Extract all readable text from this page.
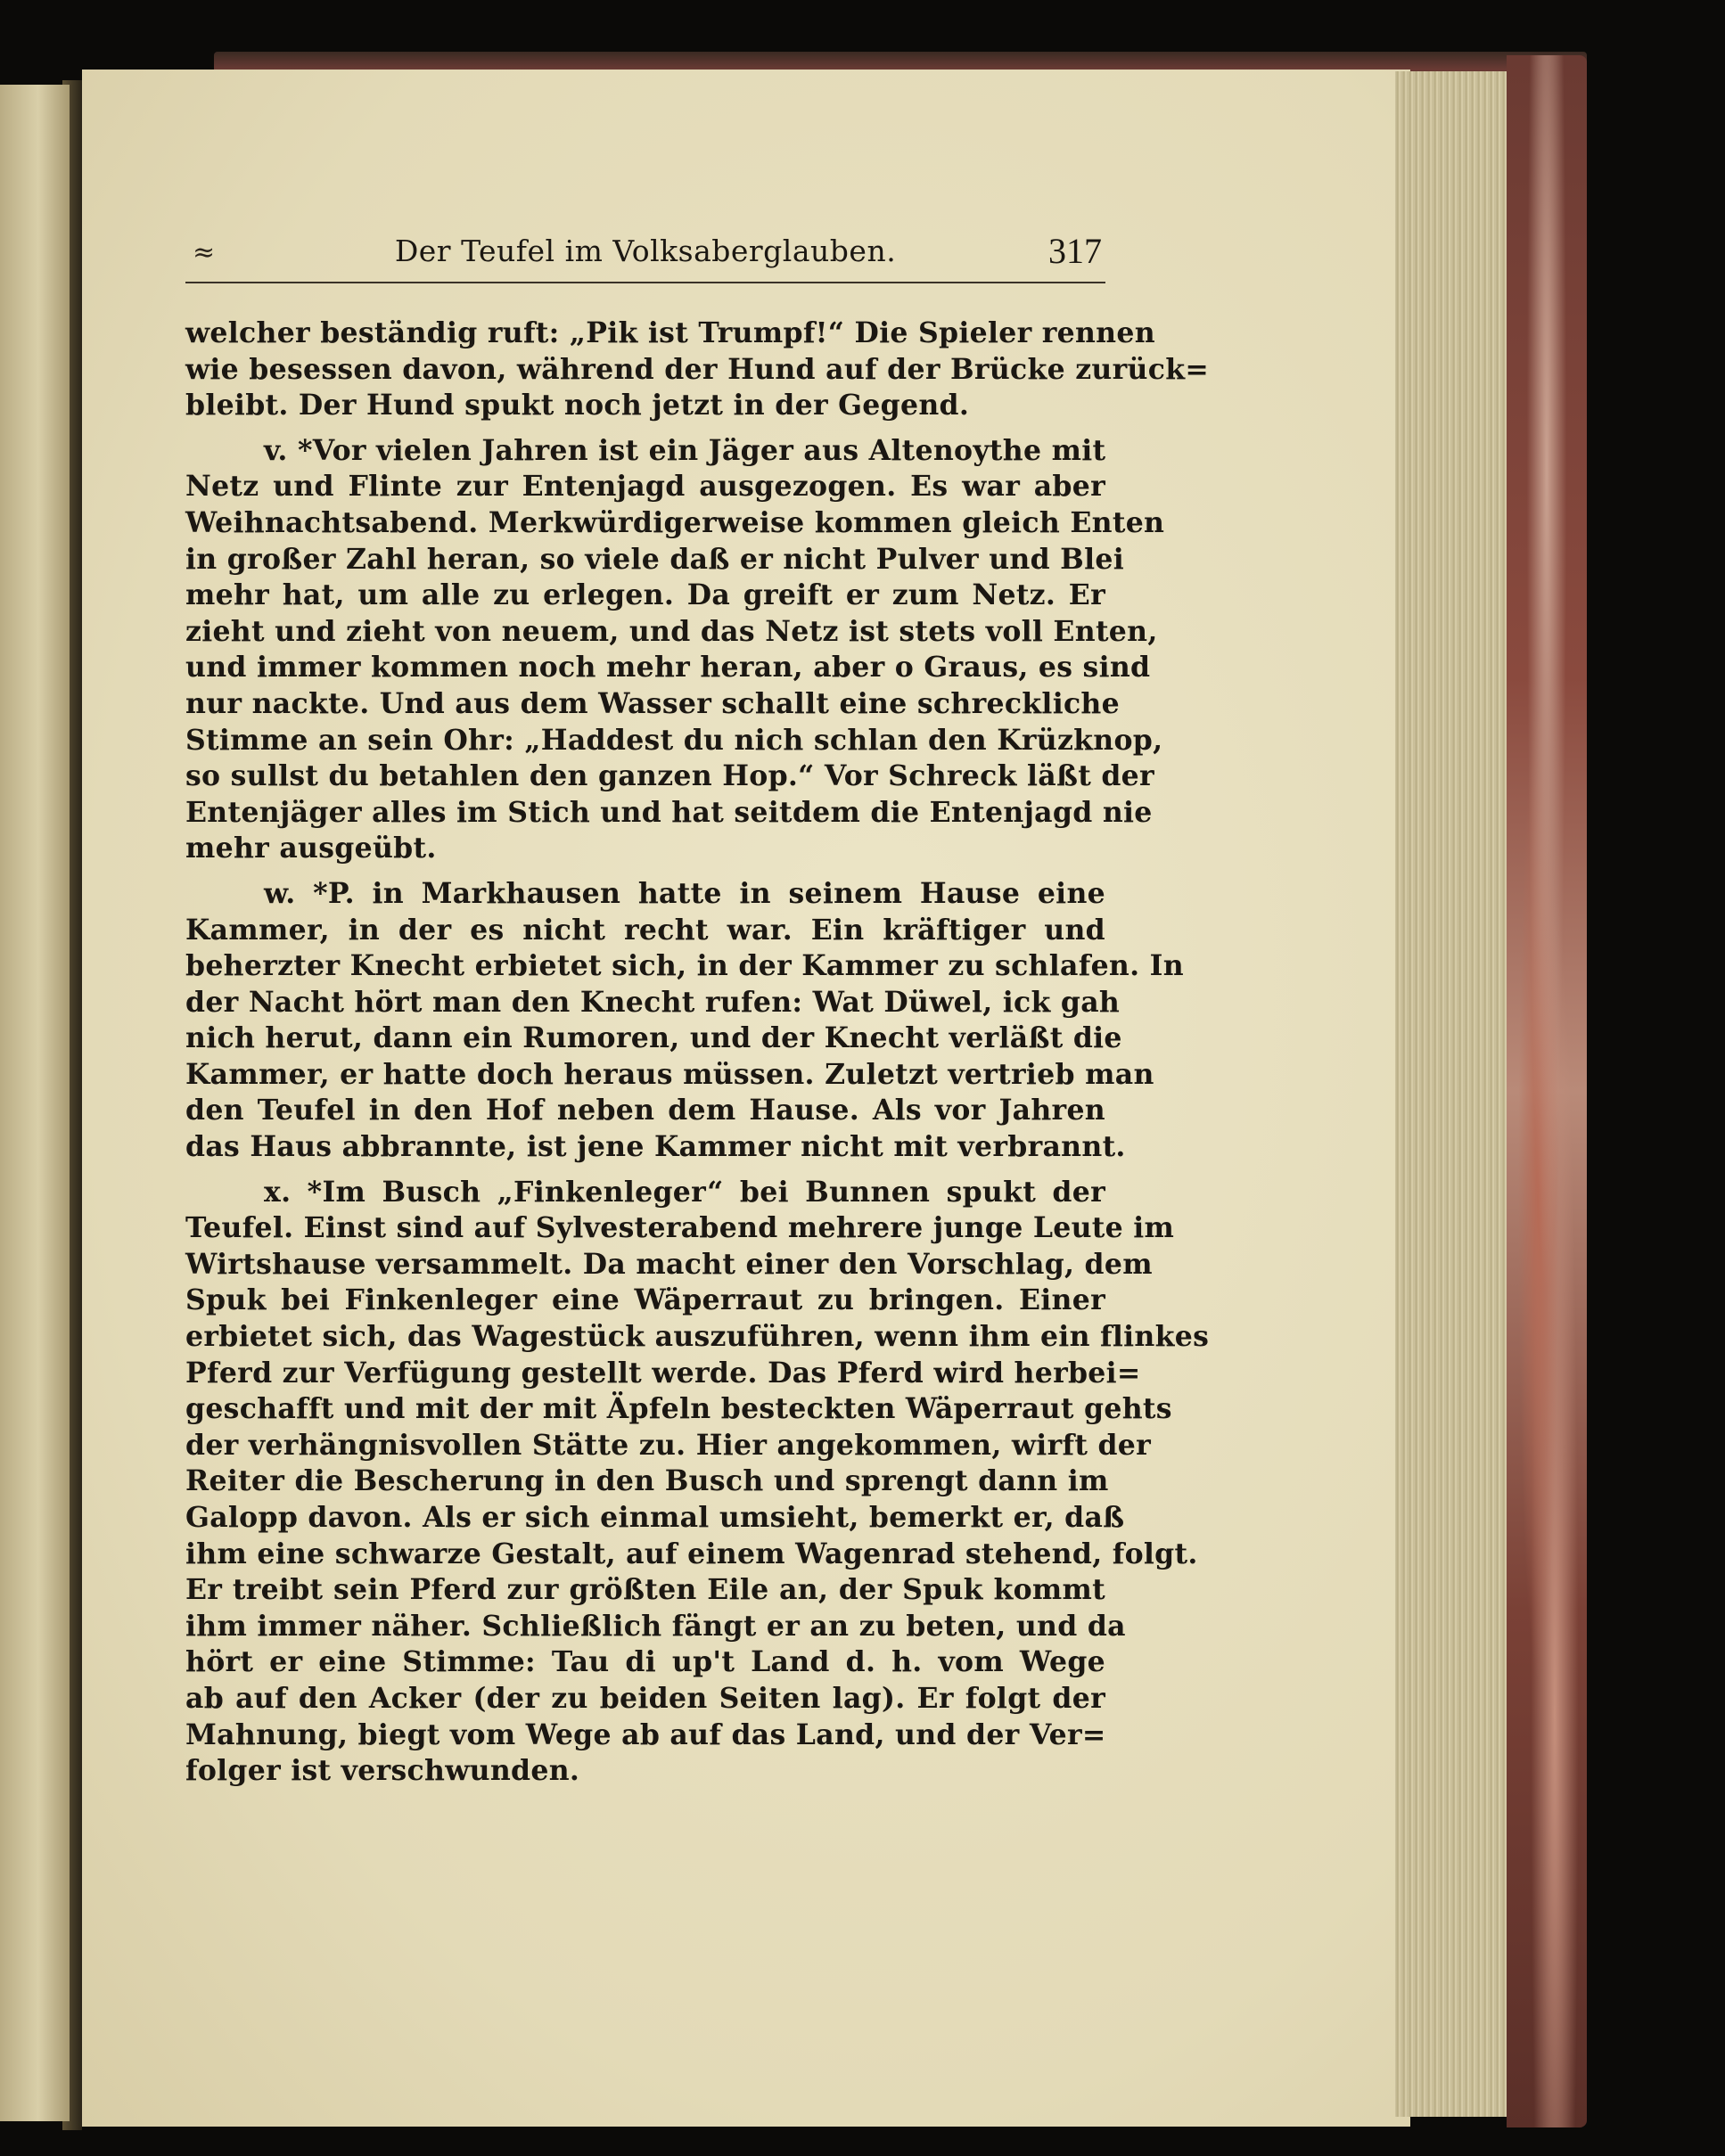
≈	Der Teufel im Volksaberglauben.	317

welcher beständig ruft: „Pik ist Trumpf!“ Die Spieler rennen
wie besessen davon, während der Hund auf der Brücke zurück=
bleibt. Der Hund spukt noch jetzt in der Gegend.

v. *Vor vielen Jahren ist ein Jäger aus Altenoythe mit
Netz und Flinte zur Entenjagd ausgezogen. Es war aber
Weihnachtsabend. Merkwürdigerweise kommen gleich Enten
in großer Zahl heran, so viele daß er nicht Pulver und Blei
mehr hat, um alle zu erlegen. Da greift er zum Netz. Er
zieht und zieht von neuem, und das Netz ist stets voll Enten,
und immer kommen noch mehr heran, aber o Graus, es sind
nur nackte. Und aus dem Wasser schallt eine schreckliche
Stimme an sein Ohr: „Haddest du nich schlan den Krüzknop,
so sullst du betahlen den ganzen Hop.“ Vor Schreck läßt der
Entenjäger alles im Stich und hat seitdem die Entenjagd nie
mehr ausgeübt.

w. *P. in Markhausen hatte in seinem Hause eine
Kammer, in der es nicht recht war. Ein kräftiger und
beherzter Knecht erbietet sich, in der Kammer zu schlafen. In
der Nacht hört man den Knecht rufen: Wat Düwel, ick gah
nich herut, dann ein Rumoren, und der Knecht verläßt die
Kammer, er hatte doch heraus müssen. Zuletzt vertrieb man
den Teufel in den Hof neben dem Hause. Als vor Jahren
das Haus abbrannte, ist jene Kammer nicht mit verbrannt.

x. *Im Busch „Finkenleger“ bei Bunnen spukt der
Teufel. Einst sind auf Sylvesterabend mehrere junge Leute im
Wirtshause versammelt. Da macht einer den Vorschlag, dem
Spuk bei Finkenleger eine Wäperraut zu bringen. Einer
erbietet sich, das Wagestück auszuführen, wenn ihm ein flinkes
Pferd zur Verfügung gestellt werde. Das Pferd wird herbei=
geschafft und mit der mit Äpfeln besteckten Wäperraut gehts
der verhängnisvollen Stätte zu. Hier angekommen, wirft der
Reiter die Bescherung in den Busch und sprengt dann im
Galopp davon. Als er sich einmal umsieht, bemerkt er, daß
ihm eine schwarze Gestalt, auf einem Wagenrad stehend, folgt.
Er treibt sein Pferd zur größten Eile an, der Spuk kommt
ihm immer näher. Schließlich fängt er an zu beten, und da
hört er eine Stimme: Tau di up't Land d. h. vom Wege
ab auf den Acker (der zu beiden Seiten lag). Er folgt der
Mahnung, biegt vom Wege ab auf das Land, und der Ver=
folger ist verschwunden.
